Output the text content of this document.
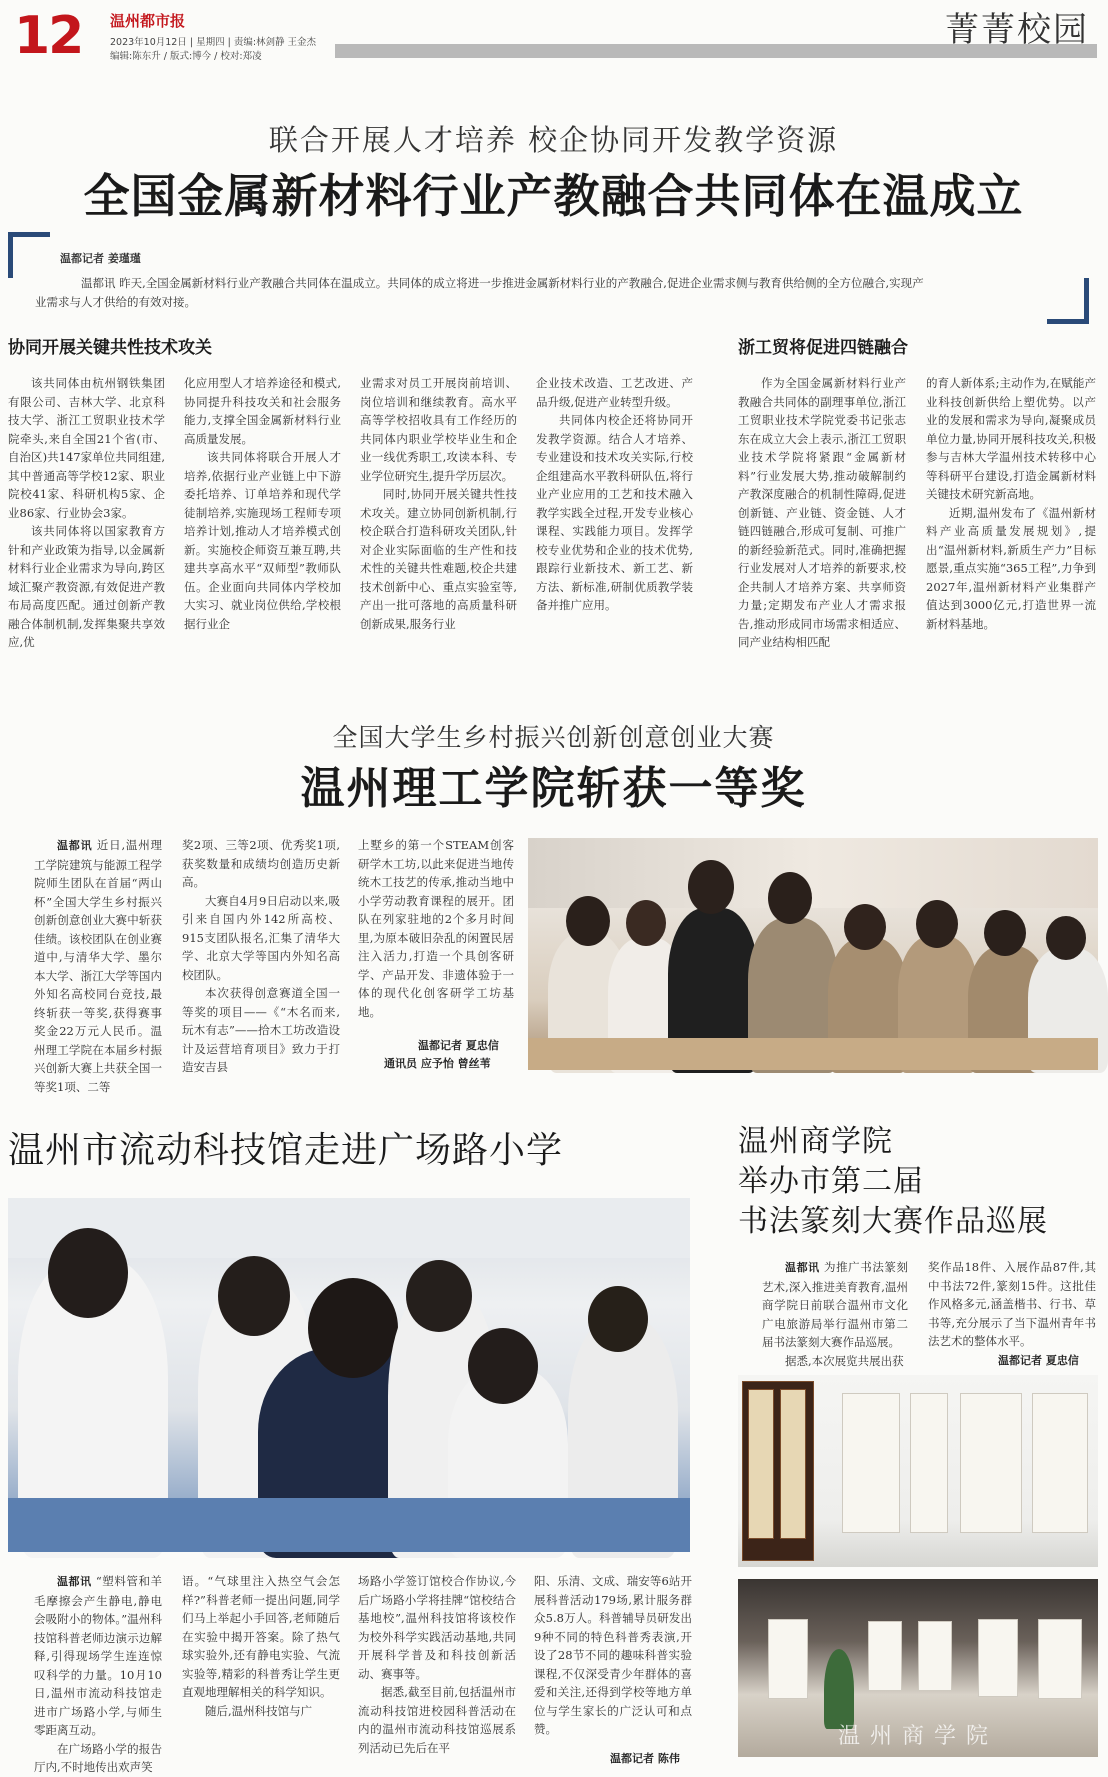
12 温州都市报
2023年10月12日 | 星期四 | 责编:林剑静 王金杰
编辑:陈东升 / 版式:博今 / 校对:郑凌
菁菁校园
联合开展人才培养 校企协同开发教学资源
全国金属新材料行业产教融合共同体在温成立
温都记者 姜瑾瑾
温都讯 昨天,全国金属新材料行业产教融合共同体在温成立。共同体的成立将进一步推进金属新材料行业的产教融合,促进企业需求侧与教育供给侧的全方位融合,实现产
业需求与人才供给的有效对接。
协同开展关键共性技术攻关	浙工贸将促进四链融合

该共同体由杭州钢铁集团有限公司、吉林大学、北京科技大学、浙江工贸职业技术学院牵头,来自全国21个省(市、自治区)共147家单位共同组建,其中普通高等学校12家、职业院校41家、科研机构5家、企业86家、行业协会3家。

该共同体将以国家教育方针和产业政策为指导,以金属新材料行业企业需求为导向,跨区域汇聚产教资源,有效促进产教布局高度匹配。通过创新产教融合体制机制,发挥集聚共享效应,优

化应用型人才培养途径和模式,协同提升科技攻关和社会服务能力,支撑全国金属新材料行业高质量发展。

该共同体将联合开展人才培养,依据行业产业链上中下游委托培养、订单培养和现代学徒制培养,实施现场工程师专项培养计划,推动人才培养模式创新。实施校企师资互兼互聘,共建共享高水平“双师型”教师队伍。企业面向共同体内学校加大实习、就业岗位供给,学校根据行业企

业需求对员工开展岗前培训、岗位培训和继续教育。高水平高等学校招收具有工作经历的共同体内职业学校毕业生和企业一线优秀职工,攻读本科、专业学位研究生,提升学历层次。

同时,协同开展关键共性技术攻关。建立协同创新机制,行校企联合打造科研攻关团队,针对企业实际面临的生产性和技术性的关键共性难题,校企共建技术创新中心、重点实验室等,产出一批可落地的高质量科研创新成果,服务行业

企业技术改造、工艺改进、产品升级,促进产业转型升级。

共同体内校企还将协同开发教学资源。结合人才培养、专业建设和技术攻关实际,行校企组建高水平教科研队伍,将行业产业应用的工艺和技术融入教学实践全过程,开发专业核心课程、实践能力项目。发挥学校专业优势和企业的技术优势,跟踪行业新技术、新工艺、新方法、新标准,研制优质教学装备并推广应用。

作为全国金属新材料行业产教融合共同体的副理事单位,浙江工贸职业技术学院党委书记张志东在成立大会上表示,浙江工贸职业技术学院将紧跟“金属新材料”行业发展大势,推动破解制约产教深度融合的机制性障碍,促进创新链、产业链、资金链、人才链四链融合,形成可复制、可推广的新经验新范式。同时,准确把握行业发展对人才培养的新要求,校企共制人才培养方案、共享师资力量;定期发布产业人才需求报告,推动形成同市场需求相适应、同产业结构相匹配

的育人新体系;主动作为,在赋能产业科技创新供给上塑优势。以产业的发展和需求为导向,凝聚成员单位力量,协同开展科技攻关,积极参与吉林大学温州技术转移中心等科研平台建设,打造金属新材料关键技术研究新高地。

近期,温州发布了《温州新材料产业高质量发展规划》,提出“温州新材料,新质生产力”目标愿景,重点实施“365工程”,力争到2027年,温州新材料产业集群产值达到3000亿元,打造世界一流新材料基地。

全国大学生乡村振兴创新创意创业大赛
温州理工学院斩获一等奖

温都讯 近日,温州理工学院建筑与能源工程学院师生团队在首届“两山杯”全国大学生乡村振兴创新创意创业大赛中斩获佳绩。该校团队在创业赛道中,与清华大学、墨尔本大学、浙江大学等国内外知名高校同台竞技,最终斩获一等奖,获得赛事奖金22万元人民币。温州理工学院在本届乡村振兴创新大赛上共获全国一等奖1项、二等

奖2项、三等2项、优秀奖1项,获奖数量和成绩均创造历史新高。

大赛自4月9日启动以来,吸引来自国内外142所高校、915支团队报名,汇集了清华大学、北京大学等国内外知名高校团队。

本次获得创意赛道全国一等奖的项目——《“木名而来,玩木有志”——拾木工坊改造设计及运营培育项目》致力于打造安吉县

上墅乡的第一个STEAM创客研学木工坊,以此来促进当地传统木工技艺的传承,推动当地中小学劳动教育课程的展开。团队在列家驻地的2个多月时间里,为原本破旧杂乱的闲置民居注入活力,打造一个具创客研学、产品开发、非遗体验于一体的现代化创客研学工坊基地。

温都记者 夏忠信
通讯员 应予怡 曾丝苇
温州市流动科技馆走进广场路小学

温都讯 “塑料管和羊毛摩擦会产生静电,静电会吸附小的物体。”温州科技馆科普老师边演示边解释,引得现场学生连连惊叹科学的力量。10月10日,温州市流动科技馆走进市广场路小学,与师生零距离互动。

在广场路小学的报告厅内,不时地传出欢声笑

语。“气球里注入热空气会怎样?”科普老师一提出问题,同学们马上举起小手回答,老师随后在实验中揭开答案。除了热气球实验外,还有静电实验、气流实验等,精彩的科普秀让学生更直观地理解相关的科学知识。

随后,温州科技馆与广

场路小学签订馆校合作协议,今后广场路小学将挂牌“馆校结合基地校”,温州科技馆将该校作为校外科学实践活动基地,共同开展科学普及和科技创新活动、赛事等。

据悉,截至目前,包括温州市流动科技馆进校园科普活动在内的温州市流动科技馆巡展系列活动已先后在平

阳、乐清、文成、瑞安等6站开展科普活动179场,累计服务群众5.8万人。科普辅导员研发出9种不同的特色科普秀表演,开设了28节不同的趣味科普实验课程,不仅深受青少年群体的喜爱和关注,还得到学校等地方单位与学生家长的广泛认可和点赞。

温都记者 陈伟
温州商学院
举办市第二届
书法篆刻大赛作品巡展

温都讯 为推广书法篆刻艺术,深入推进美育教育,温州商学院日前联合温州市文化广电旅游局举行温州市第二届书法篆刻大赛作品巡展。

据悉,本次展览共展出获

奖作品18件、入展作品87件,其中书法72件,篆刻15件。这批佳作风格多元,涵盖楷书、行书、草书等,充分展示了当下温州青年书法艺术的整体水平。

温都记者 夏忠信
温州商学院
